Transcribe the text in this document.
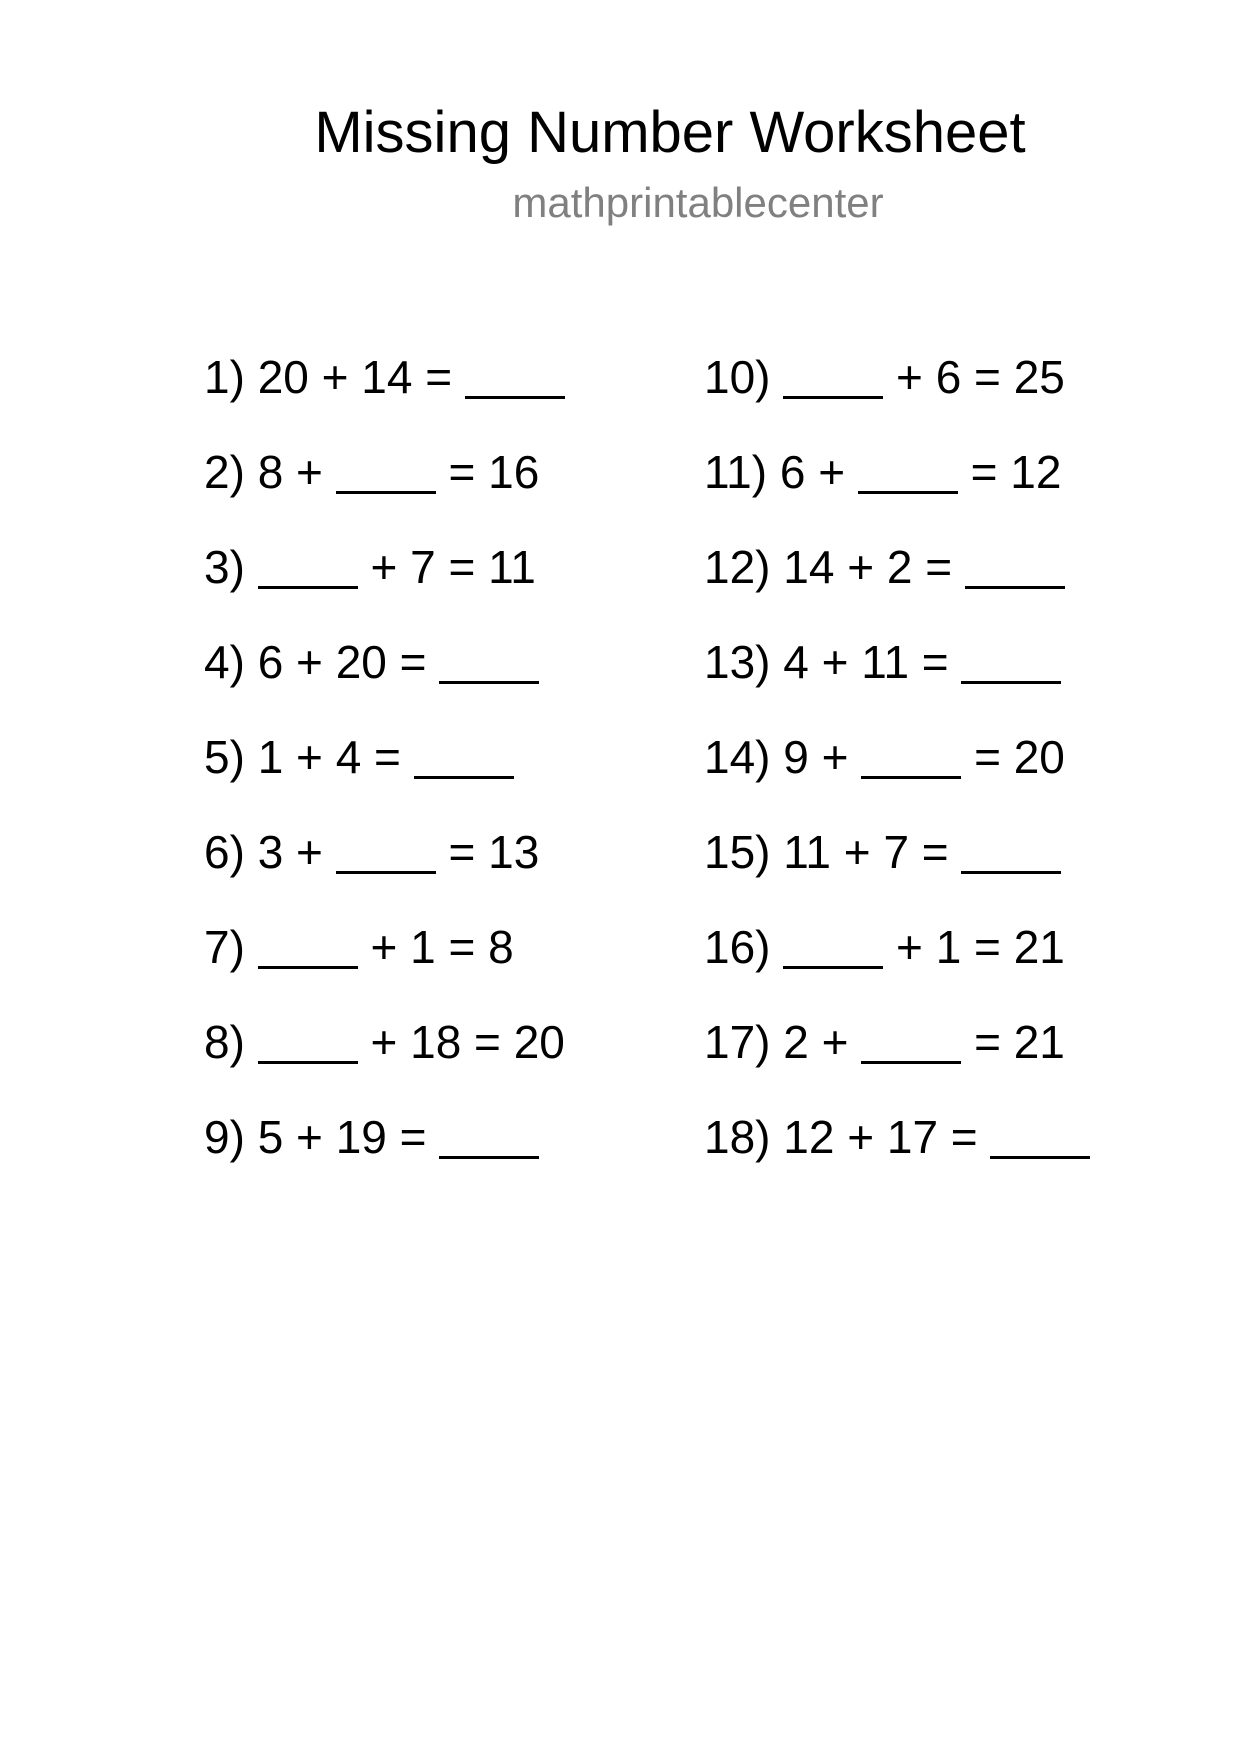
Missing Number Worksheet
mathprintablecenter
1) 20 + 14 =
2) 8 +	= 16
3)	+ 7 = 11
4) 6 + 20 =
5) 1 + 4 =
6) 3 +	= 13
7)	+ 1 = 8
8)	+ 18 = 20
9) 5 + 19 =
10)	+ 6 = 25
11) 6 +	= 12
12) 14 + 2 =
13) 4 + 11 =
14) 9 +	= 20
15) 11 + 7 =
16)	+ 1 = 21
17) 2 +	= 21
18) 12 + 17 =
